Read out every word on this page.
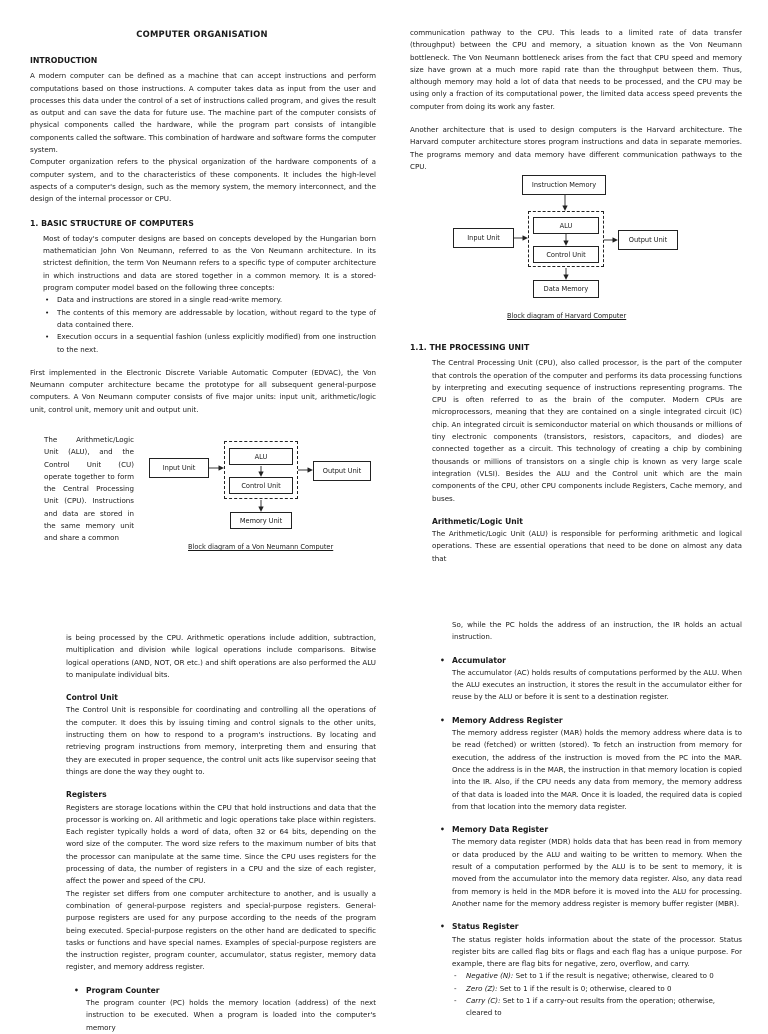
COMPUTER ORGANISATION
INTRODUCTION

A modern computer can be defined as a machine that can accept instructions and perform computations based on those instructions. A computer takes data as input from the user and processes this data under the control of a set of instructions called program, and gives the result as output and can save the data for future use. The machine part of the computer consists of physical components called the hardware, while the program part consists of intangible components called the software. This combination of hardware and software forms the computer system.

Computer organization refers to the physical organization of the hardware components of a computer system, and to the characteristics of these components. It includes the high-level aspects of a computer's design, such as the memory system, the memory interconnect, and the design of the internal processor or CPU.

1. BASIC STRUCTURE OF COMPUTERS

Most of today's computer designs are based on concepts developed by the Hungarian born mathematician John Von Neumann, referred to as the Von Neumann architecture. In its strictest definition, the term Von Neumann refers to a specific type of computer architecture in which instructions and data are stored together in a common memory. It is a stored-program computer model based on the following three concepts:

• Data and instructions are stored in a single read-write memory.
• The contents of this memory are addressable by location, without regard to the type of data contained there.
• Execution occurs in a sequential fashion (unless explicitly modified) from one instruction to the next.

First implemented in the Electronic Discrete Variable Automatic Computer (EDVAC), the Von Neumann computer architecture became the prototype for all subsequent general-purpose computers. A Von Neumann computer consists of five major units: input unit, arithmetic/logic unit, control unit, memory unit and output unit.

The Arithmetic/Logic Unit (ALU), and the Control Unit (CU) operate together to form the Central Processing Unit (CPU). Instructions and data are stored in the same memory unit and share a common

Input Unit
ALU
Control Unit
Output Unit
Memory Unit
Block diagram of a Von Neumann Computer

communication pathway to the CPU. This leads to a limited rate of data transfer (throughput) between the CPU and memory, a situation known as the Von Neumann bottleneck. The Von Neumann bottleneck arises from the fact that CPU speed and memory size have grown at a much more rapid rate than the throughput between them. Thus, although memory may hold a lot of data that needs to be processed, and the CPU may be using only a fraction of its computational power, the limited data access speed prevents the computer from doing its work any faster.

Another architecture that is used to design computers is the Harvard architecture. The Harvard computer architecture stores program instructions and data in separate memories. The programs memory and data memory have different communication pathways to the CPU.

Instruction Memory
Input Unit
ALU
Control Unit
Output Unit
Data Memory
Block diagram of Harvard Computer
1.1. THE PROCESSING UNIT

The Central Processing Unit (CPU), also called processor, is the part of the computer that controls the operation of the computer and performs its data processing functions by interpreting and executing sequence of instructions representing programs. The CPU is often referred to as the brain of the computer. Modern CPUs are microprocessors, meaning that they are contained on a single integrated circuit (IC) chip. An integrated circuit is semiconductor material on which thousands or millions of tiny electronic components (transistors, resistors, capacitors, and diodes) are connected together as a circuit. This technology of creating a chip by combining thousands or millions of transistors on a single chip is known as very large scale integration (VLSI). Besides the ALU and the Control unit which are the main components of the CPU, other CPU components include Registers, Cache memory, and buses.

Arithmetic/Logic Unit

The Arithmetic/Logic Unit (ALU) is responsible for performing arithmetic and logical operations. These are essential operations that need to be done on almost any data that

is being processed by the CPU. Arithmetic operations include addition, subtraction, multiplication and division while logical operations include comparisons. Bitwise logical operations (AND, NOT, OR etc.) and shift operations are also performed the ALU to manipulate individual bits.

Control Unit

The Control Unit is responsible for coordinating and controlling all the operations of the computer. It does this by issuing timing and control signals to the other units, instructing them on how to respond to a program's instructions. By locating and retrieving program instructions from memory, interpreting them and ensuring that they are executed in proper sequence, the control unit acts like supervisor seeing that things are done the way they ought to.

Registers

Registers are storage locations within the CPU that hold instructions and data that the processor is working on. All arithmetic and logic operations take place within registers. Each register typically holds a word of data, often 32 or 64 bits, depending on the word size of the computer. The word size refers to the maximum number of bits that the processor can manipulate at the same time. Since the CPU uses registers for the processing of data, the number of registers in a CPU and the size of each register, affect the power and speed of the CPU.

The register set differs from one computer architecture to another, and is usually a combination of general-purpose registers and special-purpose registers. General-purpose registers are used for any purpose according to the needs of the program being executed. Special-purpose registers on the other hand are dedicated to specific tasks or functions and have special names. Examples of special-purpose registers are the instruction register, program counter, accumulator, status register, memory data register, and memory address register.

• Program Counter

The program counter (PC) holds the memory location (address) of the next instruction to be executed. When a program is loaded into the computer's memory

So, while the PC holds the address of an instruction, the IR holds an actual instruction.

• Accumulator

The accumulator (AC) holds results of computations performed by the ALU. When the ALU executes an instruction, it stores the result in the accumulator either for reuse by the ALU or before it is sent to a destination register.

• Memory Address Register

The memory address register (MAR) holds the memory address where data is to be read (fetched) or written (stored). To fetch an instruction from memory for execution, the address of the instruction is moved from the PC into the MAR. Once the address is in the MAR, the instruction in that memory location is copied into the IR. Also, if the CPU needs any data from memory, the memory address of that data is loaded into the MAR. Once it is loaded, the required data is copied from that location into the memory data register.

• Memory Data Register

The memory data register (MDR) holds data that has been read in from memory or data produced by the ALU and waiting to be written to memory. When the result of a computation performed by the ALU is to be sent to memory, it is moved from the accumulator into the memory data register. Also, any data read from memory is held in the MDR before it is moved into the ALU for processing. Another name for the memory address register is memory buffer register (MBR).

• Status Register

The status register holds information about the state of the processor. Status register bits are called flag bits or flags and each flag has a unique purpose. For example, there are flag bits for negative, zero, overflow, and carry.

- Negative (N): Set to 1 if the result is negative; otherwise, cleared to 0
- Zero (Z): Set to 1 if the result is 0; otherwise, cleared to 0
- Carry (C): Set to 1 if a carry-out results from the operation; otherwise, cleared to
